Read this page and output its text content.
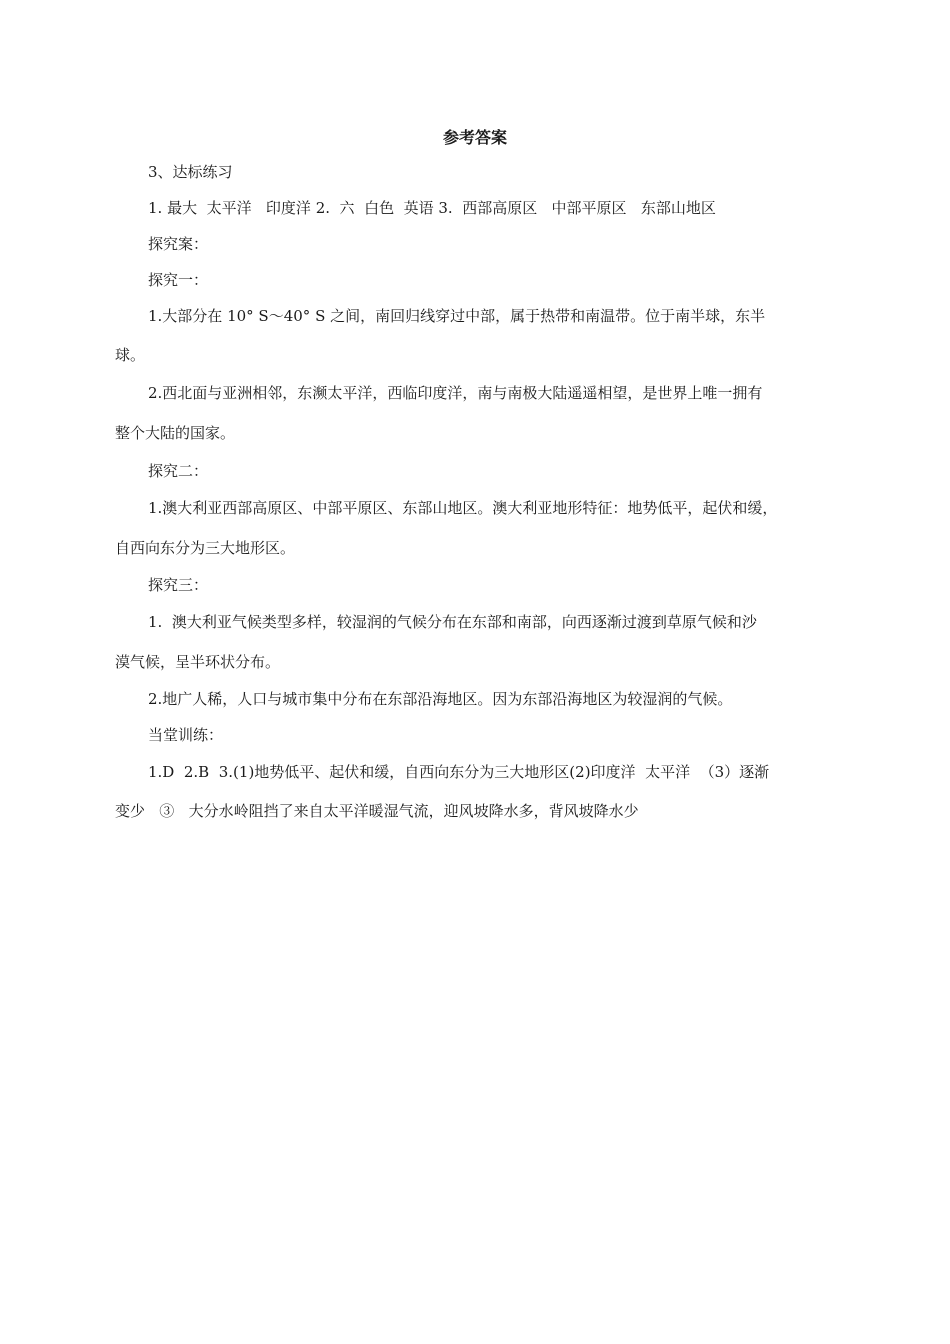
参考答案
3、达标练习
1. 最大  太平洋   印度洋 2.  六  白色  英语 3.  西部高原区   中部平原区   东部山地区
探究案：
探究一：
1.大部分在 10° S～40° S 之间，南回归线穿过中部，属于热带和南温带。位于南半球，东半
球。
2.西北面与亚洲相邻，东濒太平洋，西临印度洋，南与南极大陆遥遥相望，是世界上唯一拥有
整个大陆的国家。
探究二：
1.澳大利亚西部高原区、中部平原区、东部山地区。澳大利亚地形特征：地势低平，起伏和缓，
自西向东分为三大地形区。
探究三：
1.  澳大利亚气候类型多样，较湿润的气候分布在东部和南部，向西逐渐过渡到草原气候和沙
漠气候，呈半环状分布。
2.地广人稀，人口与城市集中分布在东部沿海地区。因为东部沿海地区为较湿润的气候。
当堂训练：
1.D  2.B  3.(1)地势低平、起伏和缓，自西向东分为三大地形区(2)印度洋  太平洋  （3）逐渐
变少   ③   大分水岭阻挡了来自太平洋暖湿气流，迎风坡降水多，背风坡降水少
